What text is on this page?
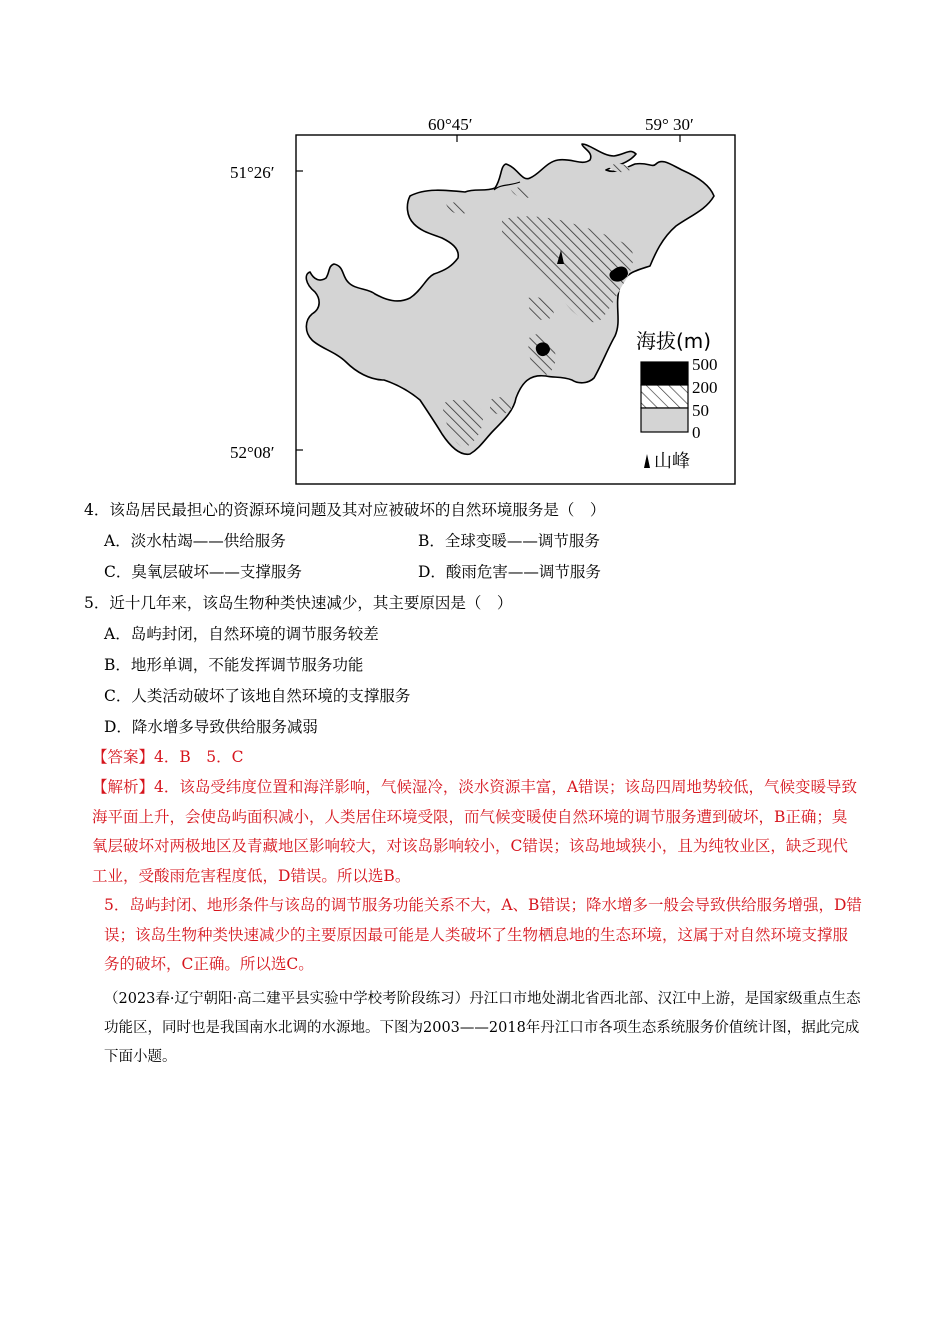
60°45′	59° 30′
51°26′
52°08′
海拔(m)
500
200
50
0
山峰
4．该岛居民最担心的资源环境问题及其对应被破坏的自然环境服务是（　）
A．淡水枯竭——供给服务	B．全球变暖——调节服务
C．臭氧层破坏——支撑服务	D．酸雨危害——调节服务
5．近十几年来，该岛生物种类快速减少，其主要原因是（　）
A．岛屿封闭，自然环境的调节服务较差
B．地形单调，不能发挥调节服务功能
C．人类活动破坏了该地自然环境的支撑服务
D．降水增多导致供给服务减弱
【答案】4．B　5．C
【解析】4．该岛受纬度位置和海洋影响，气候湿冷，淡水资源丰富，A错误；该岛四周地势较低，气候变暖导致海平面上升，会使岛屿面积减小，人类居住环境受限，而气候变暖使自然环境的调节服务遭到破坏，B正确；臭氧层破坏对两极地区及青藏地区影响较大，对该岛影响较小，C错误；该岛地域狭小，且为纯牧业区，缺乏现代工业，受酸雨危害程度低，D错误。所以选B。
5．岛屿封闭、地形条件与该岛的调节服务功能关系不大，A、B错误；降水增多一般会导致供给服务增强，D错误；该岛生物种类快速减少的主要原因最可能是人类破坏了生物栖息地的生态环境，这属于对自然环境支撑服务的破坏，C正确。所以选C。
（2023春·辽宁朝阳·高二建平县实验中学校考阶段练习）丹江口市地处湖北省西北部、汉江中上游，是国家级重点生态功能区，同时也是我国南水北调的水源地。下图为2003——2018年丹江口市各项生态系统服务价值统计图，据此完成下面小题。
